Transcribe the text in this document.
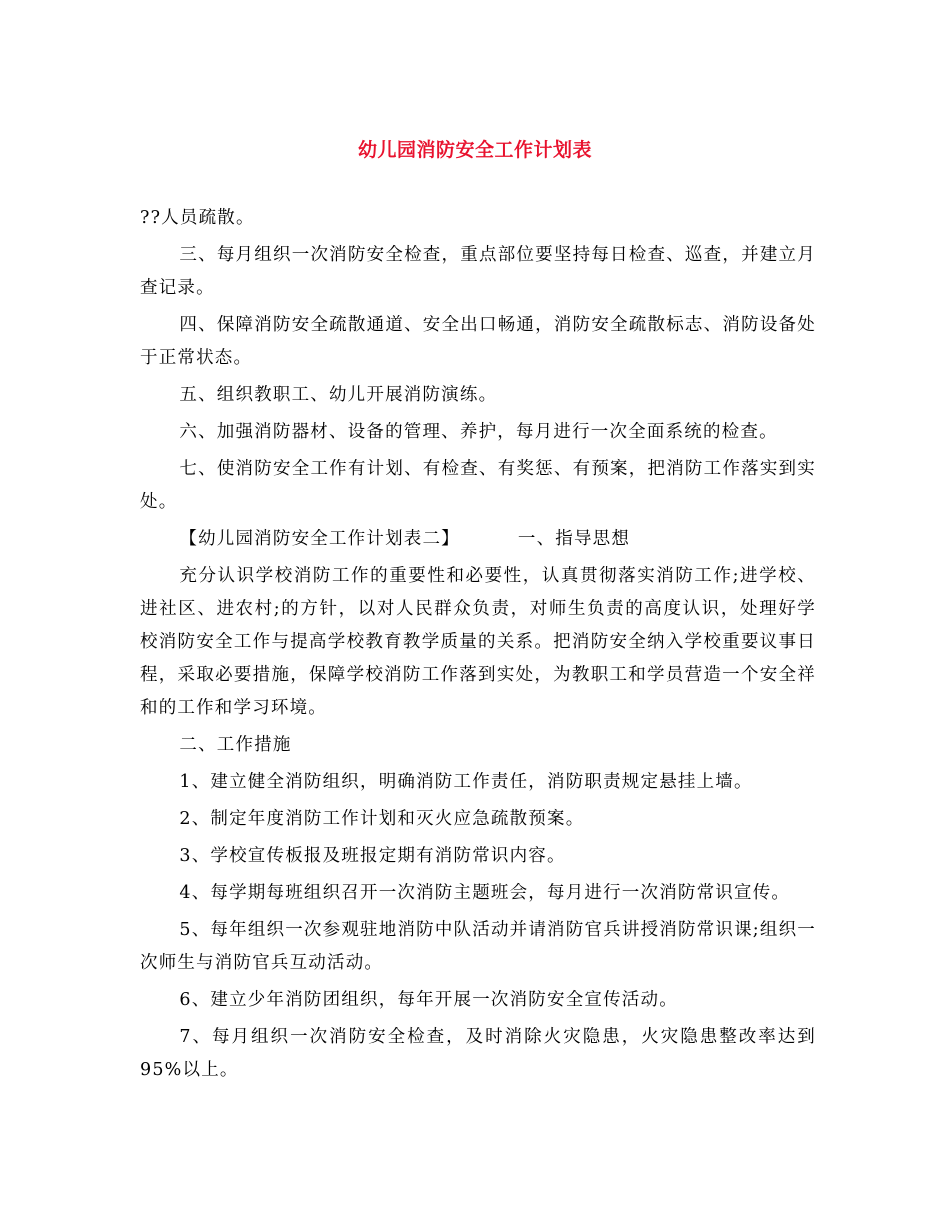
幼儿园消防安全工作计划表

??人员疏散。

三、每月组织一次消防安全检查，重点部位要坚持每日检查、巡查，并建立月查记录。

四、保障消防安全疏散通道、安全出口畅通，消防安全疏散标志、消防设备处于正常状态。

五、组织教职工、幼儿开展消防演练。

六、加强消防器材、设备的管理、养护，每月进行一次全面系统的检查。

七、使消防安全工作有计划、有检查、有奖惩、有预案，把消防工作落实到实处。

【幼儿园消防安全工作计划表二】	一、指导思想

充分认识学校消防工作的重要性和必要性，认真贯彻落实消防工作;进学校、进社区、进农村;的方针，以对人民群众负责，对师生负责的高度认识，处理好学校消防安全工作与提高学校教育教学质量的关系。把消防安全纳入学校重要议事日程，采取必要措施，保障学校消防工作落到实处，为教职工和学员营造一个安全祥和的工作和学习环境。

二、工作措施

1、建立健全消防组织，明确消防工作责任，消防职责规定悬挂上墙。

2、制定年度消防工作计划和灭火应急疏散预案。

3、学校宣传板报及班报定期有消防常识内容。

4、每学期每班组织召开一次消防主题班会，每月进行一次消防常识宣传。

5、每年组织一次参观驻地消防中队活动并请消防官兵讲授消防常识课;组织一次师生与消防官兵互动活动。

6、建立少年消防团组织，每年开展一次消防安全宣传活动。

7、每月组织一次消防安全检查，及时消除火灾隐患，火灾隐患整改率达到95%以上。
